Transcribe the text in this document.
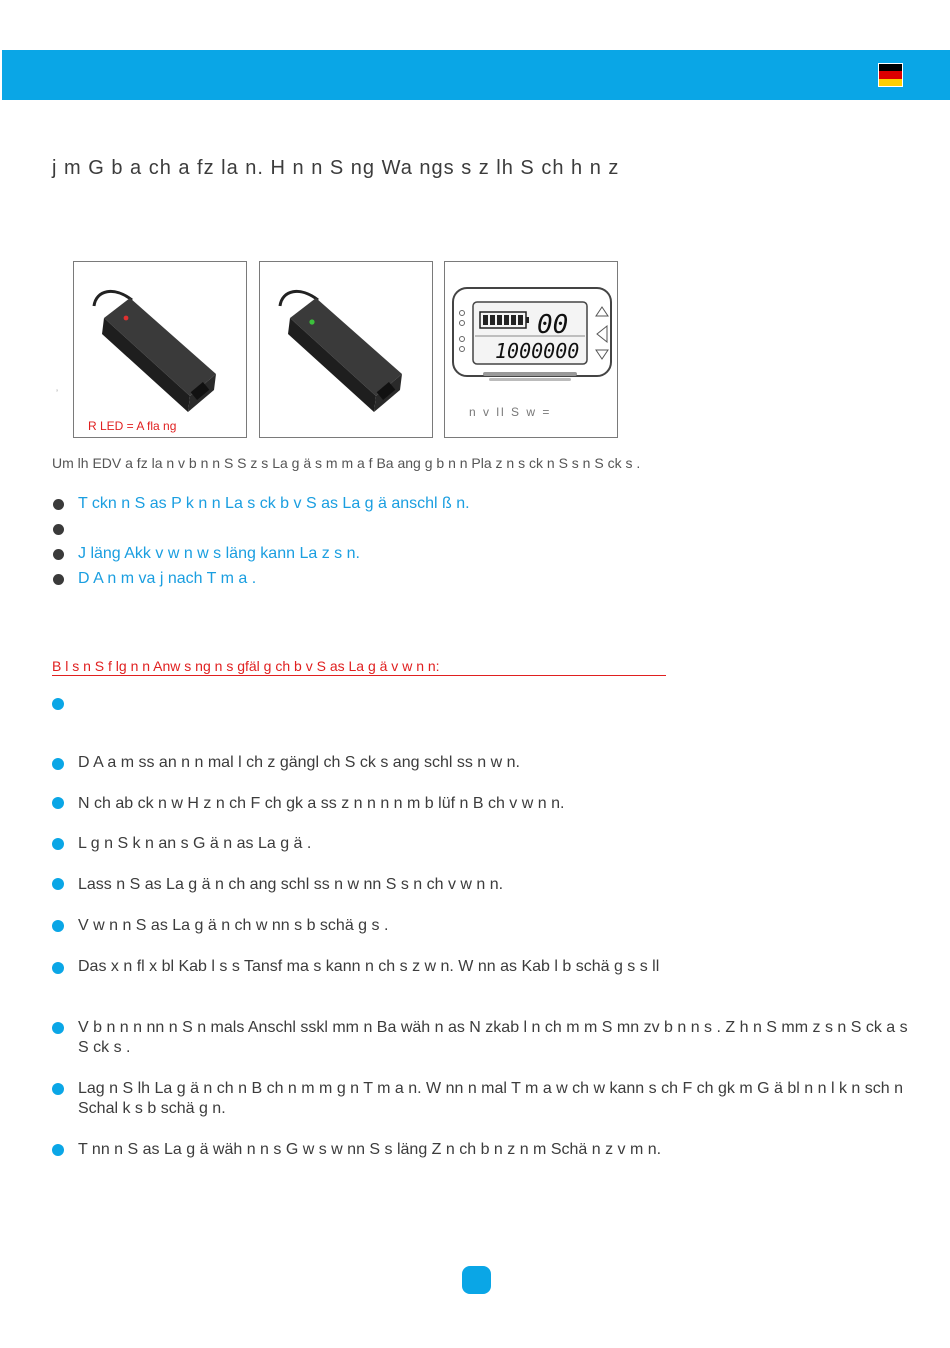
j m G b a ch a fz la n. H n n S ng Wa ngs s z lh S ch h n z
R LED = A fla ng
00
1000000
n v ll S w =
’
Um lh EDV a fz la n v b n n S S z s La g ä s m m a f Ba ang g b n n Pla z n s ck n S s n S ck s .
T ckn n S as P k n n La s ck b v S as La g ä anschl ß n.
J läng Akk v w n w s läng kann La z s n.
D A n m va j nach T m a .
B l s n S f lg n n Anw s ng n s gfäl g ch b v S as La g ä v w n n:
D A a m ss an n n mal l ch z gängl ch S ck s ang schl ss n w n.
N ch ab ck n w H z n ch F ch gk a ss z n n n n m b lüf n B ch v w n n.
L g n S k n an s G ä n as La g ä .
Lass n S as La g ä n ch ang schl ss n w nn S s n ch v w n n.
V w n n S as La g ä n ch w nn s b schä g s .
Das x n fl x bl Kab l s s Tansf ma s kann n ch s z w n. W nn as Kab l b schä g s s ll
V b n n n nn n S n mals Anschl sskl mm n Ba wäh n as N zkab l n ch m m S mn zv b n n s . Z h n S mm z s n S ck a s S ck s .
Lag n S lh La g ä n ch n B ch n m m g n T m a n. W nn n mal T m a w ch w kann s ch F ch gk m G ä bl n n l k n sch n Schal k s b schä g n.
T nn n S as La g ä wäh n n s G w s w nn S s läng Z n ch b n z n m Schä n z v m n.
